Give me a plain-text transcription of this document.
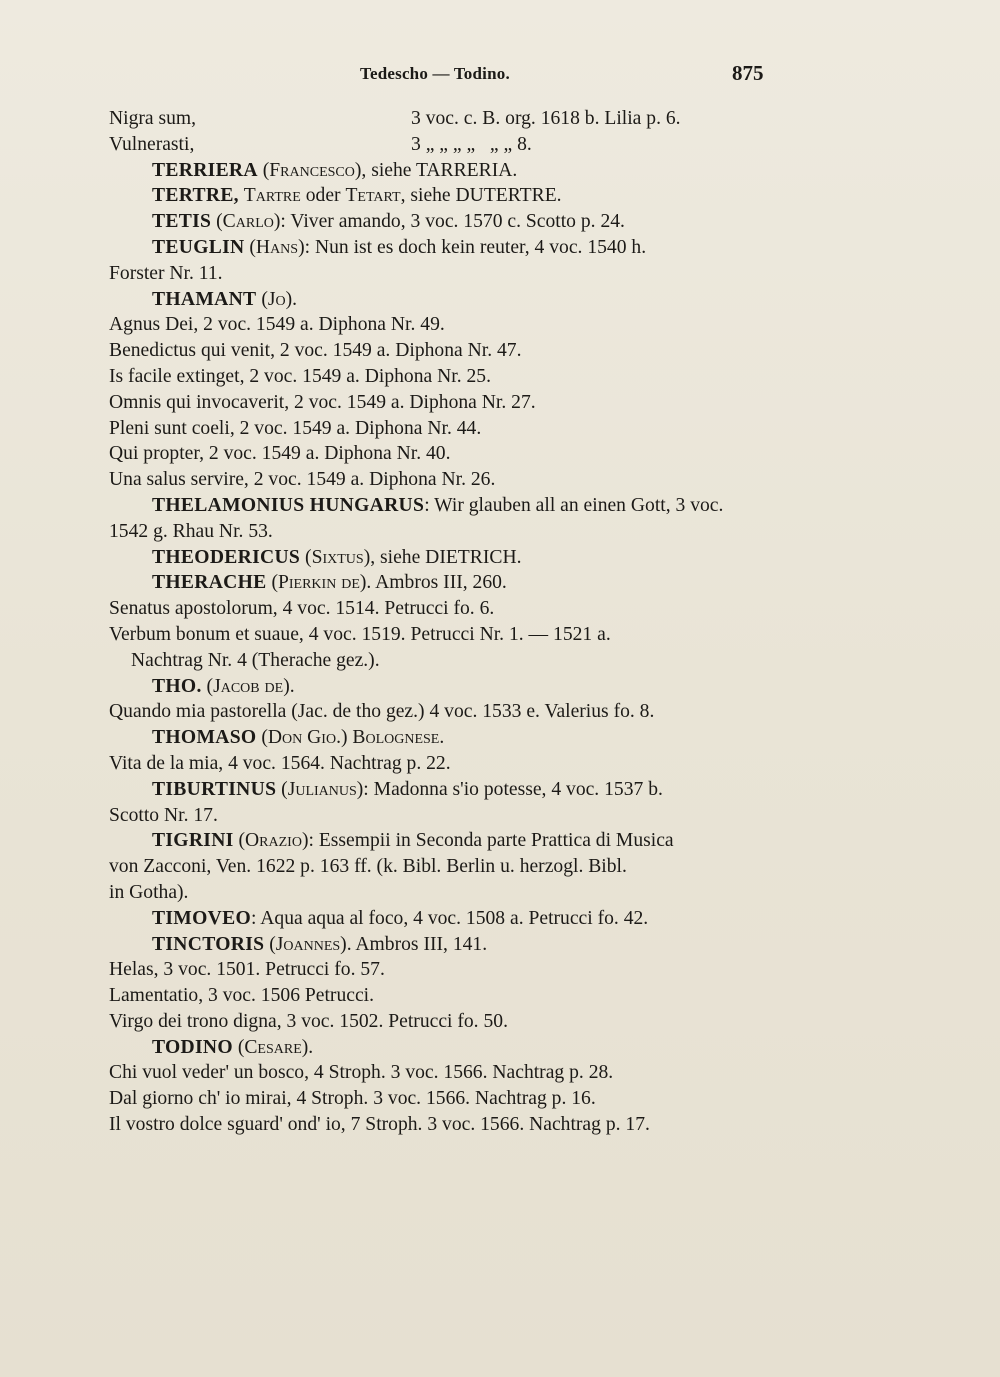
Tedescho — Todino.	875
Nigra sum,	3 voc. c. B. org. 1618 b. Lilia p. 6.
Vulnerasti,	3 „ „ „ „   „ „ 8.
TERRIERA (Francesco), siehe TARRERIA.
TERTRE, Tartre oder Tetart, siehe DUTERTRE.
TETIS (Carlo): Viver amando, 3 voc. 1570 c. Scotto p. 24.
TEUGLIN (Hans): Nun ist es doch kein reuter, 4 voc. 1540 h.
Forster Nr. 11.
THAMANT (Jo).
Agnus Dei, 2 voc. 1549 a. Diphona Nr. 49.
Benedictus qui venit, 2 voc. 1549 a. Diphona Nr. 47.
Is facile extinget, 2 voc. 1549 a. Diphona Nr. 25.
Omnis qui invocaverit, 2 voc. 1549 a. Diphona Nr. 27.
Pleni sunt coeli, 2 voc. 1549 a. Diphona Nr. 44.
Qui propter, 2 voc. 1549 a. Diphona Nr. 40.
Una salus servire, 2 voc. 1549 a. Diphona Nr. 26.
THELAMONIUS HUNGARUS: Wir glauben all an einen Gott, 3 voc.
1542 g. Rhau Nr. 53.
THEODERICUS (Sixtus), siehe DIETRICH.
THERACHE (Pierkin de). Ambros III, 260.
Senatus apostolorum, 4 voc. 1514. Petrucci fo. 6.
Verbum bonum et suaue, 4 voc. 1519. Petrucci Nr. 1. — 1521 a.
Nachtrag Nr. 4 (Therache gez.).
THO. (Jacob de).
Quando mia pastorella (Jac. de tho gez.) 4 voc. 1533 e. Valerius fo. 8.
THOMASO (Don Gio.) Bolognese.
Vita de la mia, 4 voc. 1564. Nachtrag p. 22.
TIBURTINUS (Julianus): Madonna s'io potesse, 4 voc. 1537 b.
Scotto Nr. 17.
TIGRINI (Orazio): Essempii in Seconda parte Prattica di Musica
von Zacconi, Ven. 1622 p. 163 ff. (k. Bibl. Berlin u. herzogl. Bibl.
in Gotha).
TIMOVEO: Aqua aqua al foco, 4 voc. 1508 a. Petrucci fo. 42.
TINCTORIS (Joannes). Ambros III, 141.
Helas, 3 voc. 1501. Petrucci fo. 57.
Lamentatio, 3 voc. 1506 Petrucci.
Virgo dei trono digna, 3 voc. 1502. Petrucci fo. 50.
TODINO (Cesare).
Chi vuol veder' un bosco, 4 Stroph. 3 voc. 1566. Nachtrag p. 28.
Dal giorno ch' io mirai, 4 Stroph. 3 voc. 1566. Nachtrag p. 16.
Il vostro dolce sguard' ond' io, 7 Stroph. 3 voc. 1566. Nachtrag p. 17.
